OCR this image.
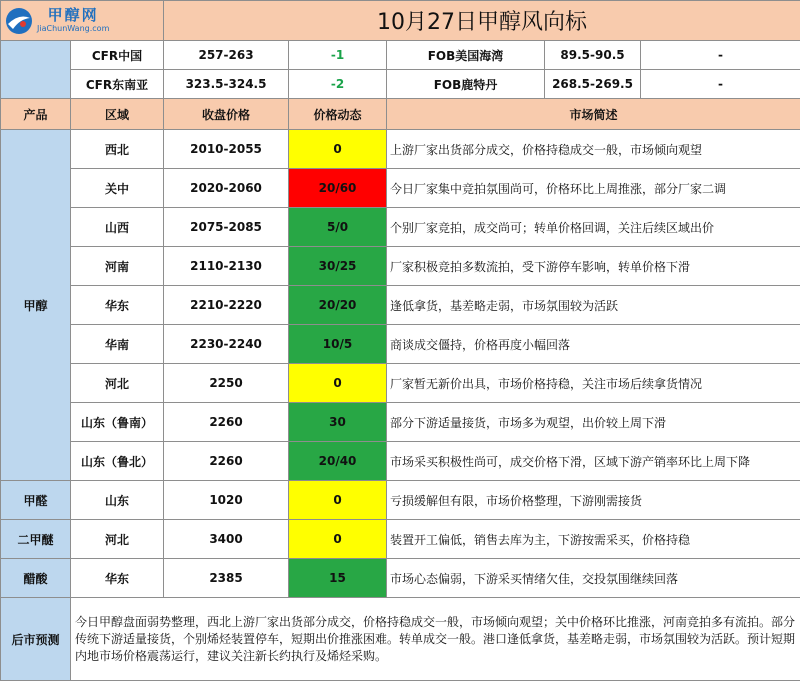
甲醇网
JiaChunWang.com		10月27日甲醇风向标				
	CFR中国	257-263	-1	FOB美国海湾	89.5-90.5	-
	CFR东南亚	323.5-324.5	-2	FOB鹿特丹	268.5-269.5	-
产品	区域	收盘价格	价格动态	市场简述		
甲醇	西北	2010-2055	0	上游厂家出货部分成交，价格持稳成交一般，市场倾向观望		
	关中	2020-2060	20/60	今日厂家集中竞拍氛围尚可，价格环比上周推涨，部分厂家二调		
	山西	2075-2085	5/0	个别厂家竞拍，成交尚可；转单价格回调，关注后续区域出价		
	河南	2110-2130	30/25	厂家积极竞拍多数流拍，受下游停车影响，转单价格下滑		
	华东	2210-2220	20/20	逢低拿货，基差略走弱，市场氛围较为活跃		
	华南	2230-2240	10/5	商谈成交僵持，价格再度小幅回落		
	河北	2250	0	厂家暂无新价出具，市场价格持稳，关注市场后续拿货情况		
	山东（鲁南）	2260	30	部分下游适量接货，市场多为观望，出价较上周下滑		
	山东（鲁北）	2260	20/40	市场采买积极性尚可，成交价格下滑，区域下游产销率环比上周下降		
甲醛	山东	1020	0	亏损缓解但有限，市场价格整理，下游刚需接货		
二甲醚	河北	3400	0	装置开工偏低，销售去库为主，下游按需采买，价格持稳		
醋酸	华东	2385	15	市场心态偏弱，下游采买情绪欠佳，交投氛围继续回落		
后市预测	今日甲醇盘面弱势整理，西北上游厂家出货部分成交，价格持稳成交一般，市场倾向观望；关中价格环比推涨，河南竞拍多有流拍。部分传统下游适量接货，个别烯烃装置停车，短期出价推涨困难。转单成交一般。港口逢低拿货，基差略走弱，市场氛围较为活跃。预计短期内地市场价格震荡运行，建议关注新长约执行及烯烃采购。					
